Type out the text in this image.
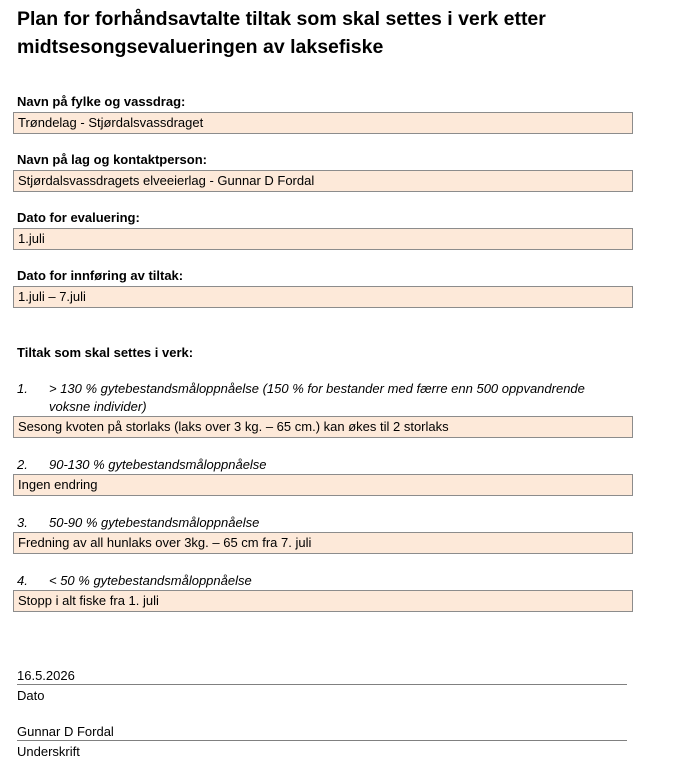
Plan for forhåndsavtalte tiltak som skal settes i verk etter midtsesongsevalueringen av laksefiske
Navn på fylke og vassdrag:
Trøndelag - Stjørdalsvassdraget
Navn på lag og kontaktperson:
Stjørdalsvassdragets elveeierlag - Gunnar D Fordal
Dato for evaluering:
1.juli
Dato for innføring av tiltak:
1.juli – 7.juli
Tiltak som skal settes i verk:
1. > 130 % gytebestandsmåloppnåelse (150 % for bestander med færre enn 500 oppvandrende
voksne individer)
Sesong kvoten på storlaks (laks over 3 kg. – 65 cm.) kan økes til 2 storlaks
2. 90-130 % gytebestandsmåloppnåelse
Ingen endring
3. 50-90 % gytebestandsmåloppnåelse
Fredning av all hunlaks over 3kg. – 65 cm fra 7. juli
4. < 50 % gytebestandsmåloppnåelse
Stopp i alt fiske fra 1. juli
16.5.2026
Dato
Gunnar D Fordal
Underskrift
